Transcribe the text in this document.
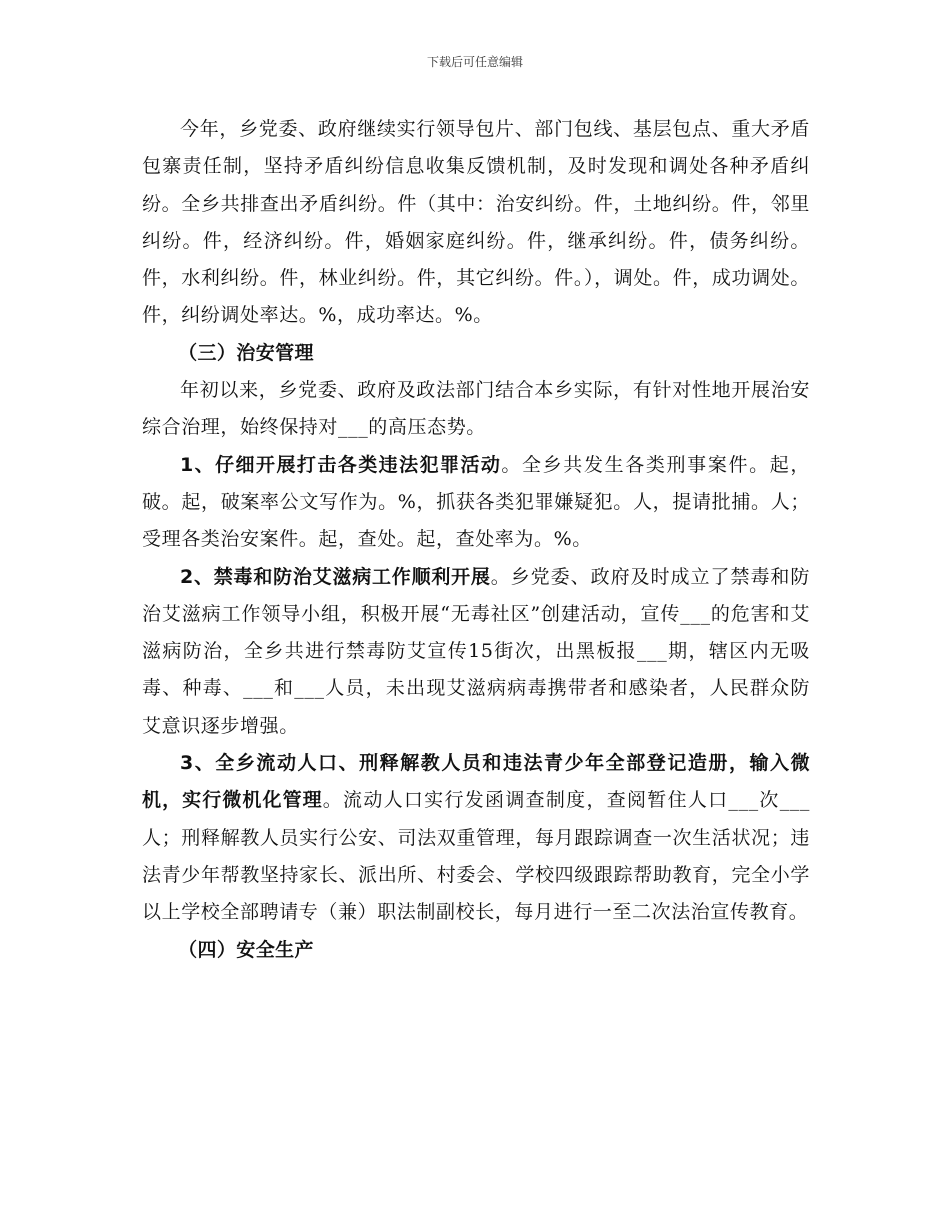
下载后可任意编辑

今年，乡党委、政府继续实行领导包片、部门包线、基层包点、重大矛盾包寨责任制，坚持矛盾纠纷信息收集反馈机制，及时发现和调处各种矛盾纠纷。全乡共排查出矛盾纠纷。件（其中：治安纠纷。件，土地纠纷。件，邻里纠纷。件，经济纠纷。件，婚姻家庭纠纷。件，继承纠纷。件，债务纠纷。件，水利纠纷。件，林业纠纷。件，其它纠纷。件。），调处。件，成功调处。件，纠纷调处率达。%，成功率达。%。

（三）治安管理

年初以来，乡党委、政府及政法部门结合本乡实际，有针对性地开展治安综合治理，始终保持对___的高压态势。

1、仔细开展打击各类违法犯罪活动。全乡共发生各类刑事案件。起，破。起，破案率公文写作为。%，抓获各类犯罪嫌疑犯。人，提请批捕。人；受理各类治安案件。起，查处。起，查处率为。%。

2、禁毒和防治艾滋病工作顺利开展。乡党委、政府及时成立了禁毒和防治艾滋病工作领导小组，积极开展“无毒社区”创建活动，宣传___的危害和艾滋病防治，全乡共进行禁毒防艾宣传15街次，出黑板报___期，辖区内无吸毒、种毒、___和___人员，未出现艾滋病病毒携带者和感染者，人民群众防艾意识逐步增强。

3、全乡流动人口、刑释解教人员和违法青少年全部登记造册，输入微机，实行微机化管理。流动人口实行发函调查制度，查阅暂住人口___次___人；刑释解教人员实行公安、司法双重管理，每月跟踪调查一次生活状况；违法青少年帮教坚持家长、派出所、村委会、学校四级跟踪帮助教育，完全小学以上学校全部聘请专（兼）职法制副校长，每月进行一至二次法治宣传教育。

（四）安全生产
